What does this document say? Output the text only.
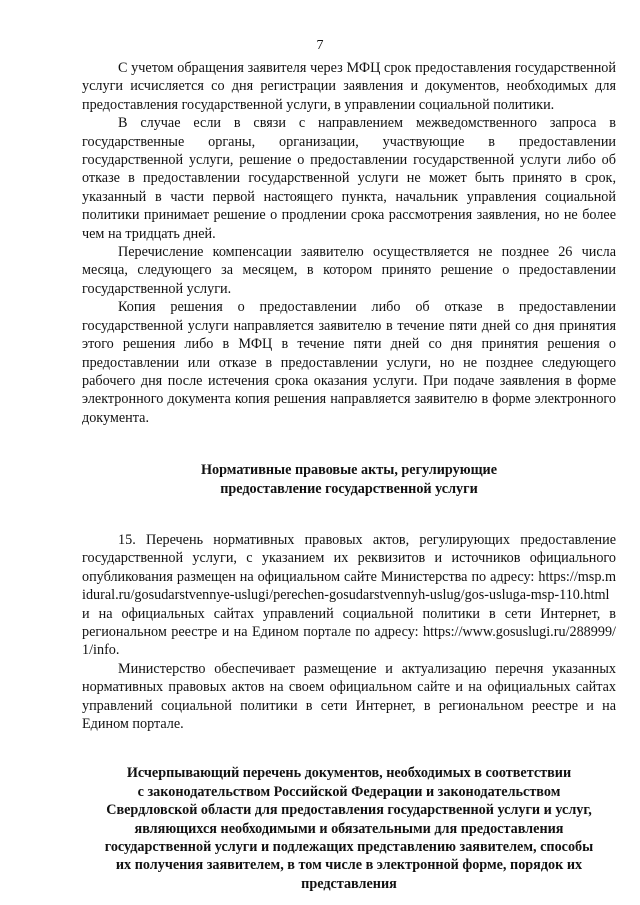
7

С учетом обращения заявителя через МФЦ срок предоставления государственной услуги исчисляется со дня регистрации заявления и документов, необходимых для предоставления государственной услуги, в управлении социальной политики.

В случае если в связи с направлением межведомственного запроса в государственные органы, организации, участвующие в предоставлении государственной услуги, решение о предоставлении государственной услуги либо об отказе в предоставлении государственной услуги не может быть принято в срок, указанный в части первой настоящего пункта, начальник управления социальной политики принимает решение о продлении срока рассмотрения заявления, но не более чем на тридцать дней.

Перечисление компенсации заявителю осуществляется не позднее 26 числа месяца, следующего за месяцем, в котором принято решение о предоставлении государственной услуги.

Копия решения о предоставлении либо об отказе в предоставлении государственной услуги направляется заявителю в течение пяти дней со дня принятия этого решения либо в МФЦ в течение пяти дней со дня принятия решения о предоставлении или отказе в предоставлении услуги, но не позднее следующего рабочего дня после истечения срока оказания услуги. При подаче заявления в форме электронного документа копия решения направляется заявителю в форме электронного документа.

Нормативные правовые акты, регулирующие
предоставление государственной услуги

15. Перечень нормативных правовых актов, регулирующих предоставление государственной услуги, с указанием их реквизитов и источников официального опубликования размещен на официальном сайте Министерства по адресу: https://msp.midural.ru/gosudarstvennye-uslugi/perechen-gosudarstvennyh-uslug/gos-usluga-msp-110.html и на официальных сайтах управлений социальной политики в сети Интернет, в региональном реестре и на Едином портале по адресу: https://www.gosuslugi.ru/288999/1/info.

Министерство обеспечивает размещение и актуализацию перечня указанных нормативных правовых актов на своем официальном сайте и на официальных сайтах управлений социальной политики в сети Интернет, в региональном реестре и на Едином портале.

Исчерпывающий перечень документов, необходимых в соответствии
с законодательством Российской Федерации и законодательством
Свердловской области для предоставления государственной услуги и услуг,
являющихся необходимыми и обязательными для предоставления
государственной услуги и подлежащих представлению заявителем, способы
их получения заявителем, в том числе в электронной форме, порядок их
представления
